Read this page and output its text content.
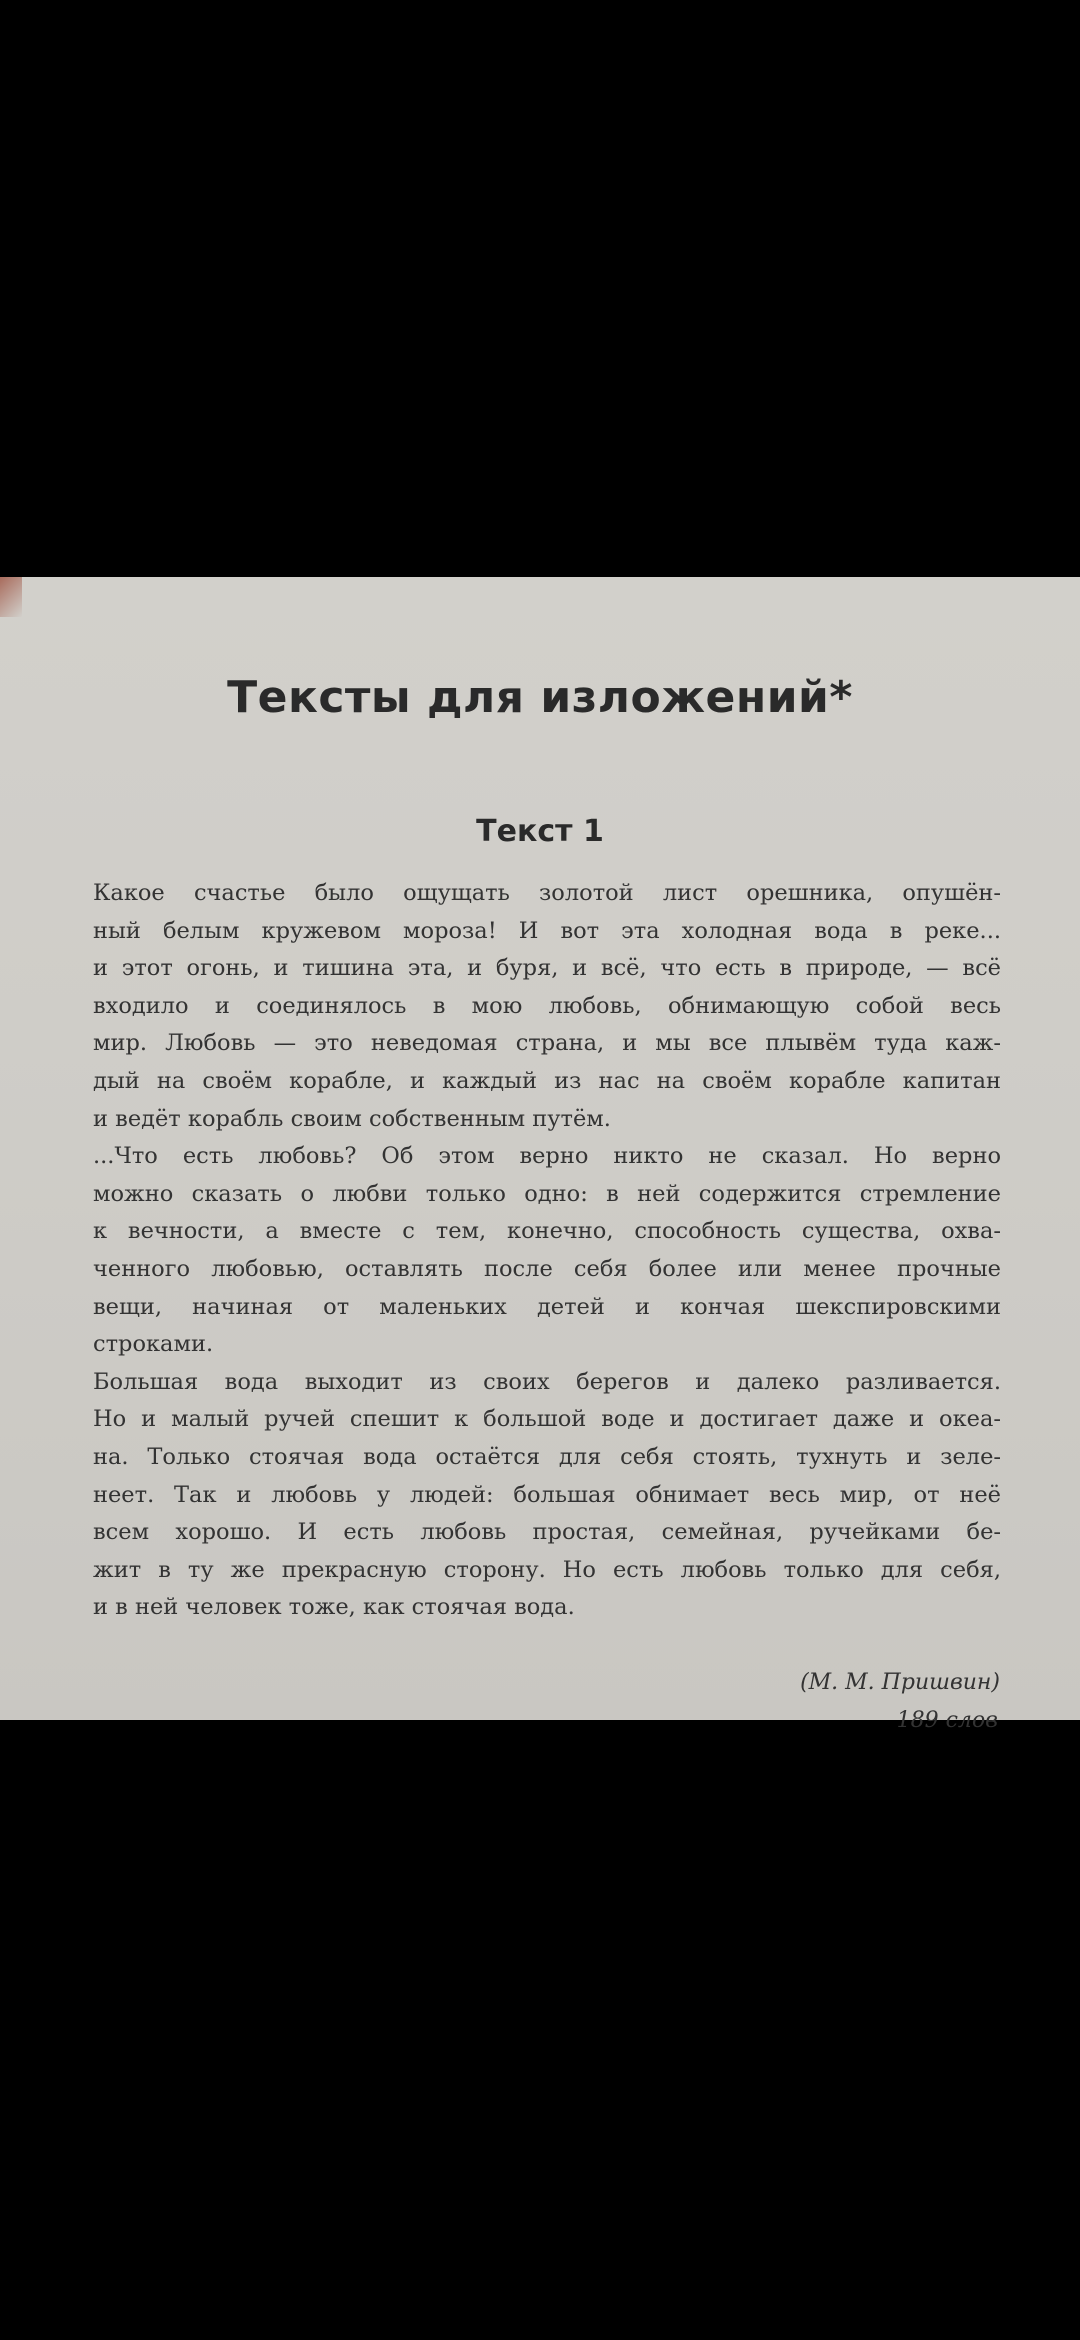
Тексты для изложений*
Текст 1
Какое счастье было ощущать золотой лист орешника, опушён-
ный белым кружевом мороза! И вот эта холодная вода в реке...
и этот огонь, и тишина эта, и буря, и всё, что есть в природе, — всё
входило и соединялось в мою любовь, обнимающую собой весь
мир. Любовь — это неведомая страна, и мы все плывём туда каж-
дый на своём корабле, и каждый из нас на своём корабле капитан
и ведёт корабль своим собственным путём.
...Что есть любовь? Об этом верно никто не сказал. Но верно
можно сказать о любви только одно: в ней содержится стремление
к вечности, а вместе с тем, конечно, способность существа, охва-
ченного любовью, оставлять после себя более или менее прочные
вещи, начиная от маленьких детей и кончая шекспировскими
строками.
Большая вода выходит из своих берегов и далеко разливается.
Но и малый ручей спешит к большой воде и достигает даже и океа-
на. Только стоячая вода остаётся для себя стоять, тухнуть и зеле-
неет. Так и любовь у людей: большая обнимает весь мир, от неё
всем хорошо. И есть любовь простая, семейная, ручейками бе-
жит в ту же прекрасную сторону. Но есть любовь только для себя,
и в ней человек тоже, как стоячая вода.
(М. М. Пришвин)
189 слов
